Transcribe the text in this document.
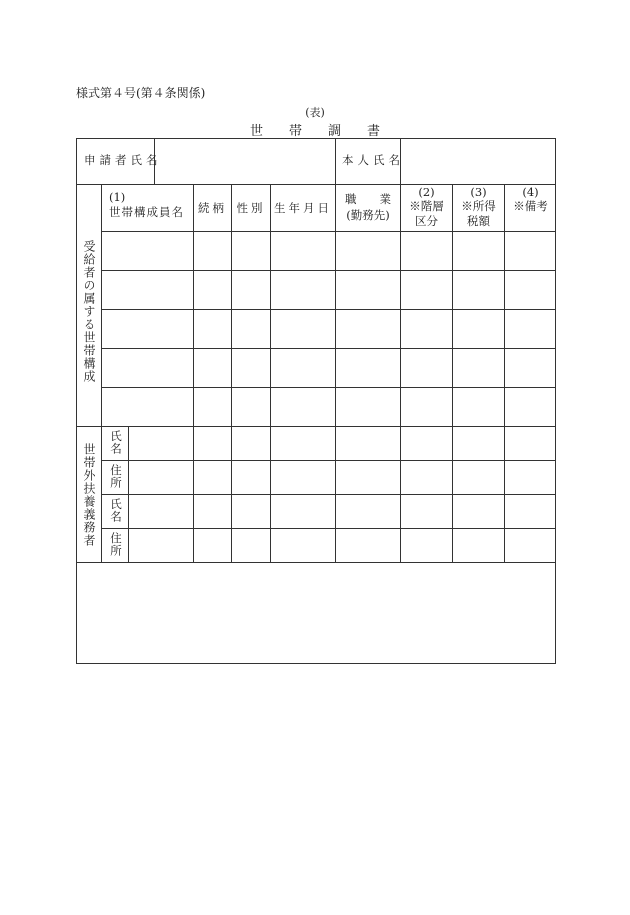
様式第４号(第４条関係)
(表)
世帯調書
申請者氏名	本人氏名
(1)
世帯構成員名	続柄 性別 生年月日
職　　業
(勤務先)
(2)
※階層
区分
(3)
※所得
税額
(4)
※備考
受給者の属する世帯構成
世帯外扶養義務者
氏名
住所
氏名
住所
